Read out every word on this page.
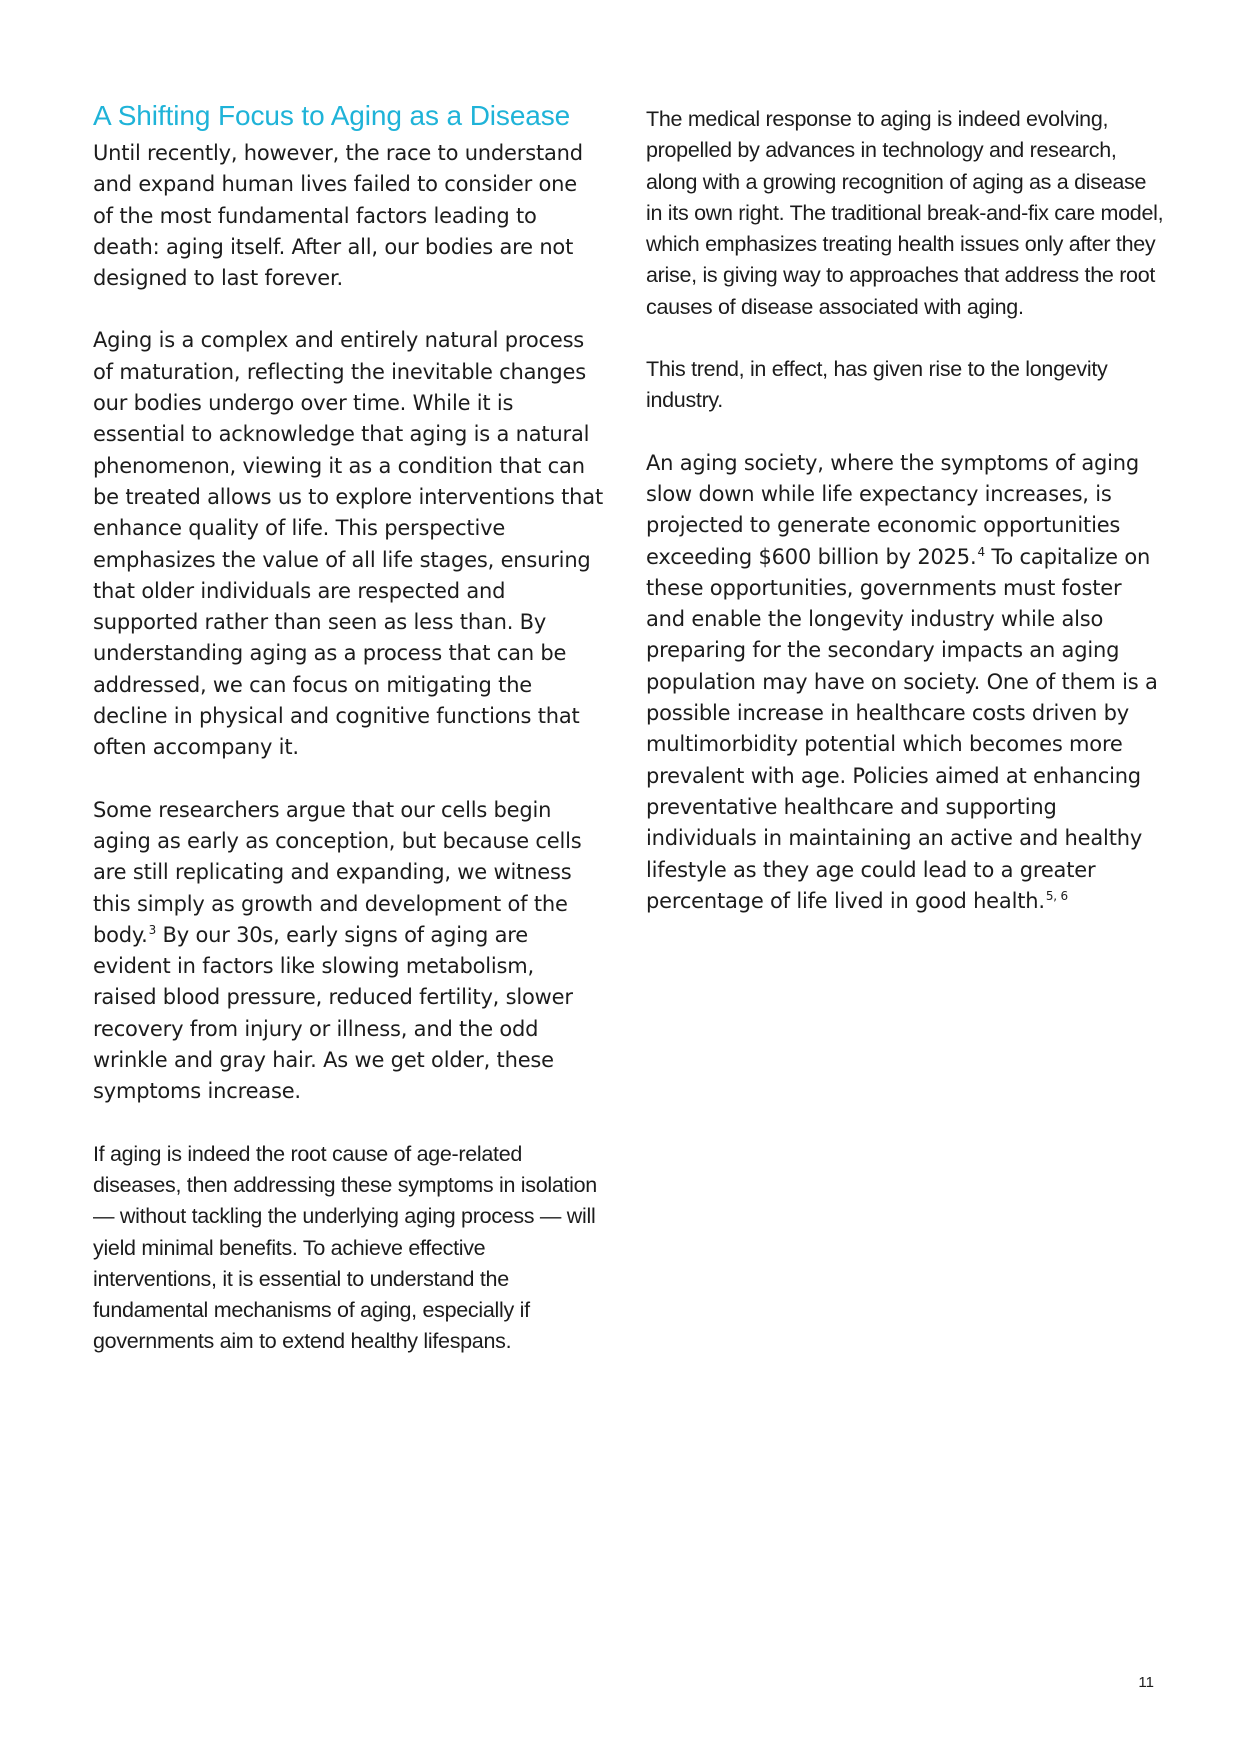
A Shifting Focus to Aging as a Disease

Until recently, however, the race to understand and expand human lives failed to consider one of the most fundamental factors leading to death: aging itself. After all, our bodies are not designed to last forever.

Aging is a complex and entirely natural process of maturation, reflecting the inevitable changes our bodies undergo over time. While it is essential to acknowledge that aging is a natural phenomenon, viewing it as a condition that can be treated allows us to explore interventions that enhance quality of life. This perspective emphasizes the value of all life stages, ensuring that older individuals are respected and supported rather than seen as less than. By understanding aging as a process that can be addressed, we can focus on mitigating the decline in physical and cognitive functions that often accompany it.

Some researchers argue that our cells begin aging as early as conception, but because cells are still replicating and expanding, we witness this simply as growth and development of the body.$^3$ By our 30s, early signs of aging are evident in factors like slowing metabolism, raised blood pressure, reduced fertility, slower recovery from injury or illness, and the odd wrinkle and gray hair. As we get older, these symptoms increase.

If aging is indeed the root cause of age-related diseases, then addressing these symptoms in isolation — without tackling the underlying aging process — will yield minimal benefits. To achieve effective interventions, it is essential to understand the fundamental mechanisms of aging, especially if governments aim to extend healthy lifespans.

The medical response to aging is indeed evolving, propelled by advances in technology and research, along with a growing recognition of aging as a disease in its own right. The traditional break-and-fix care model, which emphasizes treating health issues only after they arise, is giving way to approaches that address the root causes of disease associated with aging.

This trend, in effect, has given rise to the longevity industry.

An aging society, where the symptoms of aging slow down while life expectancy increases, is projected to generate economic opportunities exceeding $600 billion by 2025.$^4$ To capitalize on these opportunities, governments must foster and enable the longevity industry while also preparing for the secondary impacts an aging population may have on society. One of them is a possible increase in healthcare costs driven by multimorbidity potential which becomes more prevalent with age. Policies aimed at enhancing preventative healthcare and supporting individuals in maintaining an active and healthy lifestyle as they age could lead to a greater percentage of life lived in good health.$^{5, 6}$

11
